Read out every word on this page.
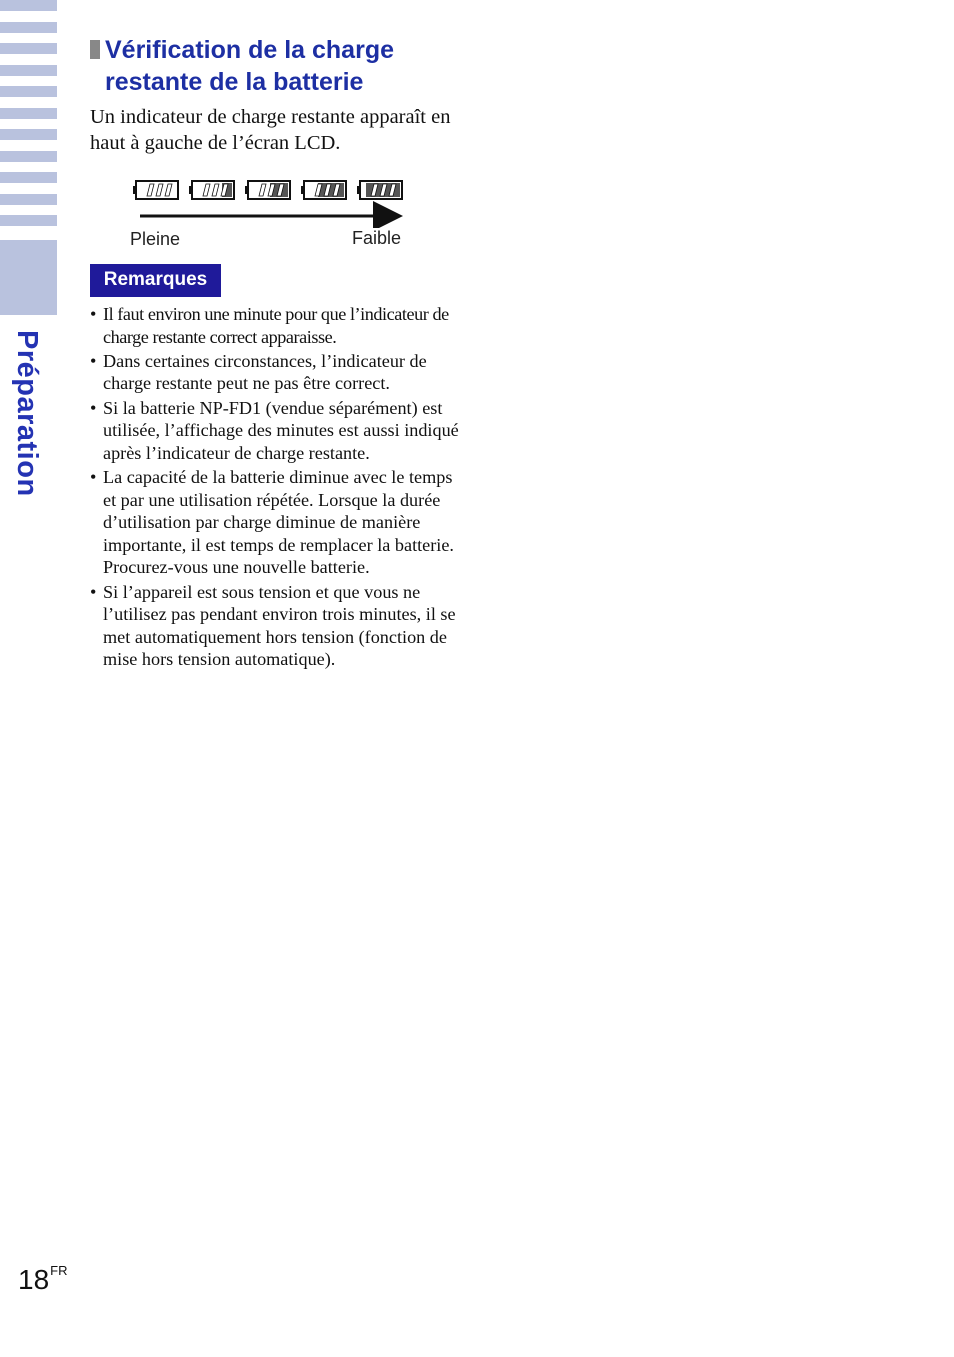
Préparation
Vérification de la charge
restante de la batterie
Un indicateur de charge restante apparaît en haut à gauche de l’écran LCD.
Pleine	Faible
Remarques
• Il faut environ une minute pour que l’indicateur de charge restante correct apparaisse.
• Dans certaines circonstances, l’indicateur de charge restante peut ne pas être correct.
• Si la batterie NP-FD1 (vendue séparément) est utilisée, l’affichage des minutes est aussi indiqué après l’indicateur de charge restante.
• La capacité de la batterie diminue avec le temps et par une utilisation répétée. Lorsque la durée d’utilisation par charge diminue de manière importante, il est temps de remplacer la batterie. Procurez-vous une nouvelle batterie.
• Si l’appareil est sous tension et que vous ne l’utilisez pas pendant environ trois minutes, il se met automatiquement hors tension (fonction de mise hors tension automatique).
$18^{FR}$
